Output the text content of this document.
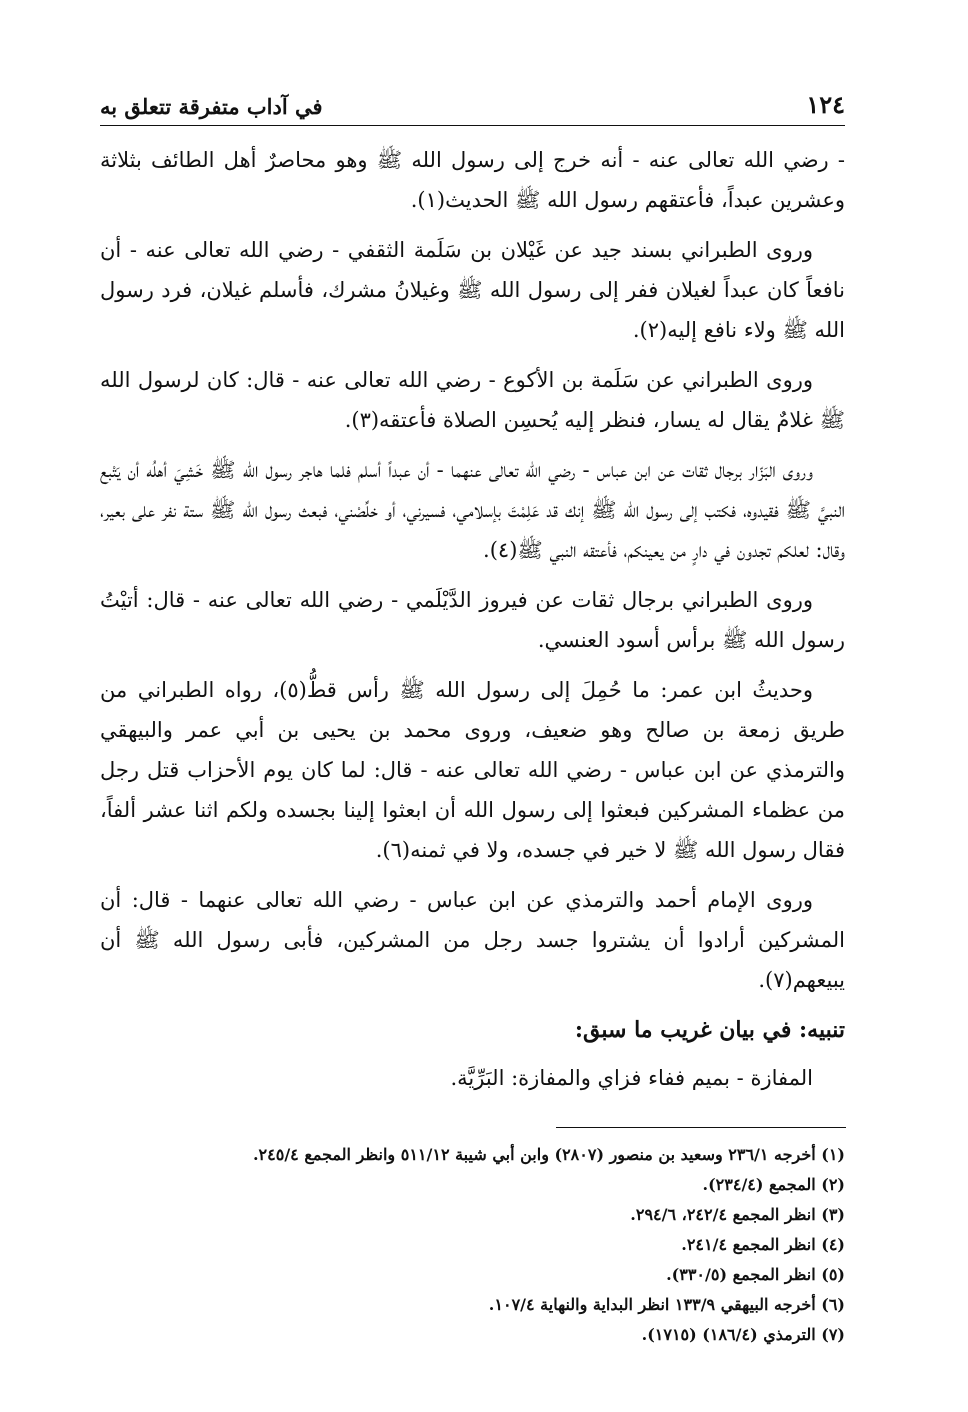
١٢٤
في آداب متفرقة تتعلق به

- رضي الله تعالى عنه - أنه خرج إلى رسول الله ﷺ وهو محاصرٌ أهل الطائف بثلاثة وعشرين عبداً، فأعتقهم رسول الله ﷺ الحديث(١).

وروى الطبراني بسند جيد عن غَيْلان بن سَلَمة الثقفي - رضي الله تعالى عنه - أن نافعاً كان عبداً لغيلان ففر إلى رسول الله ﷺ وغيلانُ مشرك، فأسلم غيلان، فرد رسول الله ﷺ ولاء نافع إليه(٢).

وروى الطبراني عن سَلَمة بن الأكوع - رضي الله تعالى عنه - قال: كان لرسول الله ﷺ غلامٌ يقال له يسار، فنظر إليه يُحسِن الصلاة فأعتقه(٣).

وروى البَزّار برجال ثقات عن ابن عباس - رضي الله تعالى عنهما - أن عبداً أسلم فلما هاجر رسول الله ﷺ خَشِيَ أهلُه أن يَتْبع النبيَّ ﷺ فقيدوه، فكتب إلى رسول الله ﷺ إنك قد عَلِمْتَ بإسلامي، فسيرني، أو خلِّصْني، فبعث رسول الله ﷺ ستة نفر على بعير، وقال: لعلكم تجدون في دارٍ من يعينكم، فأعتقه النبي ﷺ(٤).

وروى الطبراني برجال ثقات عن فيروز الدَّيْلَمي - رضي الله تعالى عنه - قال: أتيْتُ رسول الله ﷺ برأس أسود العنسي.

وحديثُ ابن عمر: ما حُمِلَ إلى رسول الله ﷺ رأس قطُّ(٥)، رواه الطبراني من طريق زمعة بن صالح وهو ضعيف، وروى محمد بن يحيى بن أبي عمر والبيهقي والترمذي عن ابن عباس - رضي الله تعالى عنه - قال: لما كان يوم الأحزاب قتل رجل من عظماء المشركين فبعثوا إلى رسول الله أن ابعثوا إلينا بجسده ولكم اثنا عشر ألفاً، فقال رسول الله ﷺ لا خير في جسده، ولا في ثمنه(٦).

وروى الإمام أحمد والترمذي عن ابن عباس - رضي الله تعالى عنهما - قال: أن المشركين أرادوا أن يشتروا جسد رجل من المشركين، فأبى رسول الله ﷺ أن يبيعهم(٧).

تنبيه: في بيان غريب ما سبق:

المفازة - بميم ففاء فزاي والمفازة: البَرِّيَّة.

(١) أخرجه ٢٣٦/١ وسعيد بن منصور (٢٨٠٧) وابن أبي شيبة ٥١١/١٢ وانظر المجمع ٢٤٥/٤.
(٢) المجمع (٢٣٤/٤).
(٣) انظر المجمع ٢٤٢/٤، ٢٩٤/٦.
(٤) انظر المجمع ٢٤١/٤.
(٥) انظر المجمع (٣٣٠/٥).
(٦) أخرجه البيهقي ١٣٣/٩ انظر البداية والنهاية ١٠٧/٤.
(٧) الترمذي (١٨٦/٤) (١٧١٥).
